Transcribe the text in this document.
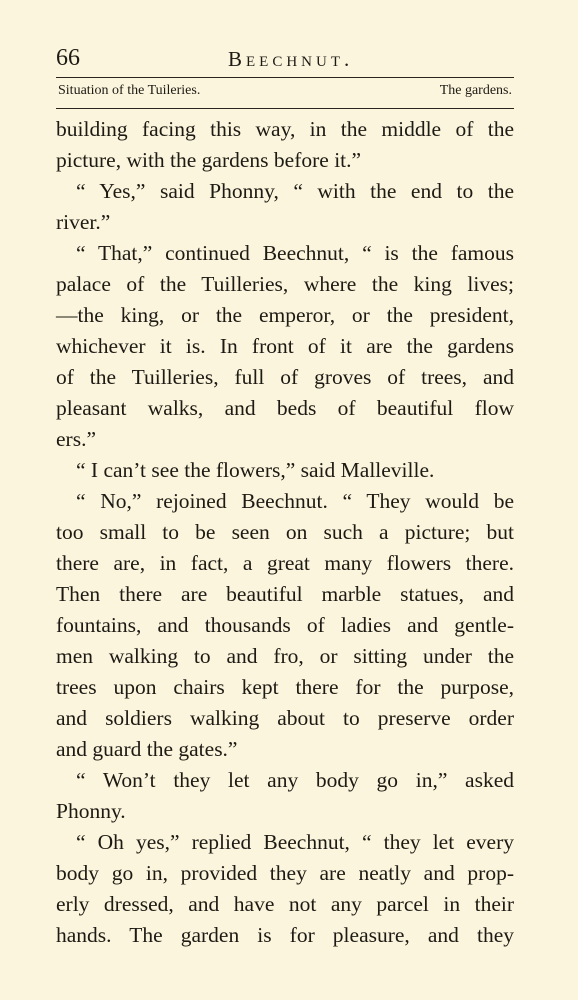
66	Beechnut.
Situation of the Tuileries.	The gardens.
building facing this way, in the middle of the
picture, with the gardens before it.”
“ Yes,” said Phonny, “ with the end to the
river.”
“ That,” continued Beechnut, “ is the famous
palace of the Tuilleries, where the king lives;
—the king, or the emperor, or the president,
whichever it is. In front of it are the gardens
of the Tuilleries, full of groves of trees, and
pleasant walks, and beds of beautiful flow
ers.”
“ I can’t see the flowers,” said Malleville.
“ No,” rejoined Beechnut. “ They would be
too small to be seen on such a picture; but
there are, in fact, a great many flowers there.
Then there are beautiful marble statues, and
fountains, and thousands of ladies and gentle-
men walking to and fro, or sitting under the
trees upon chairs kept there for the purpose,
and soldiers walking about to preserve order
and guard the gates.”
“ Won’t they let any body go in,” asked
Phonny.
“ Oh yes,” replied Beechnut, “ they let every
body go in, provided they are neatly and prop-
erly dressed, and have not any parcel in their
hands. The garden is for pleasure, and they
